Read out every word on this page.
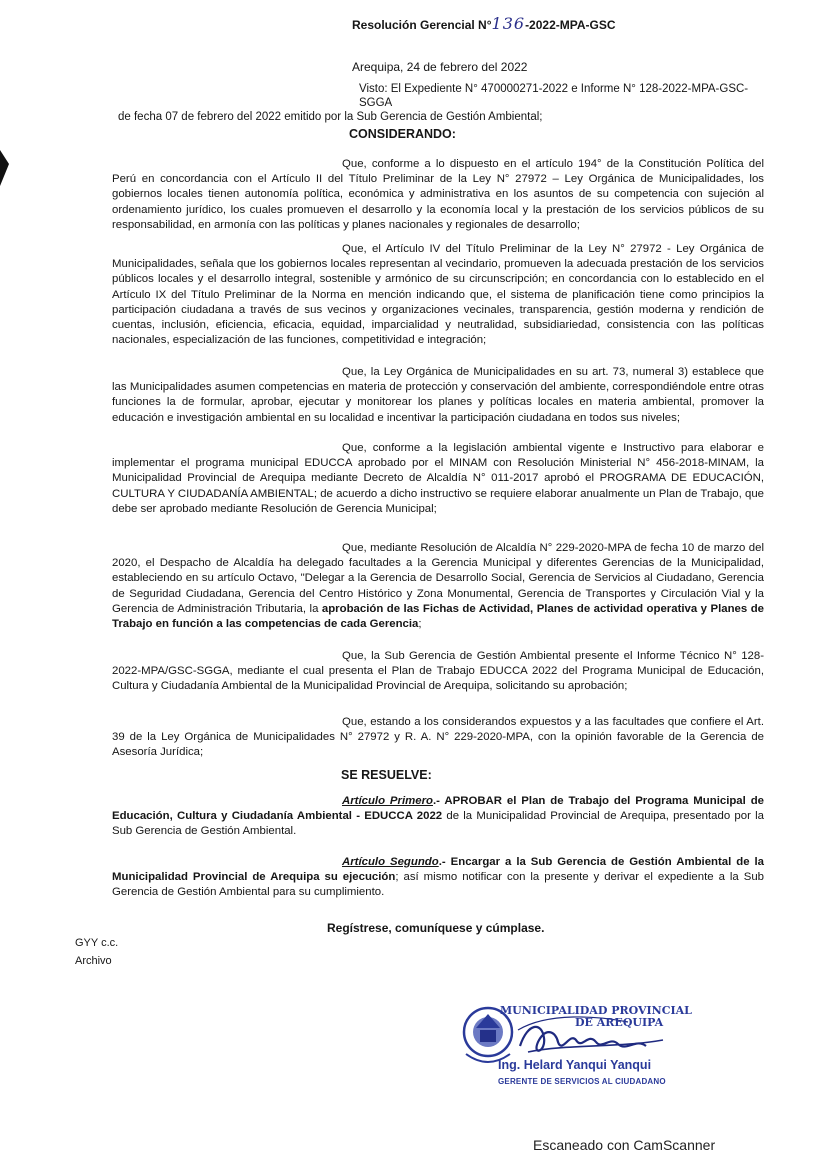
Resolución Gerencial N°136-2022-MPA-GSC

Arequipa, 24 de febrero del 2022

Visto: El Expediente N° 470000271-2022 e Informe N° 128-2022-MPA-GSC-SGGA
de fecha 07 de febrero del 2022 emitido por la Sub Gerencia de Gestión Ambiental;

CONSIDERANDO:

Que, conforme a lo dispuesto en el artículo 194° de la Constitución Política del Perú en concordancia con el Artículo II del Título Preliminar de la Ley N° 27972 – Ley Orgánica de Municipalidades, los gobiernos locales tienen autonomía política, económica y administrativa en los asuntos de su competencia con sujeción al ordenamiento jurídico, los cuales promueven el desarrollo y la economía local y la prestación de los servicios públicos de su responsabilidad, en armonía con las políticas y planes nacionales y regionales de desarrollo;

Que, el Artículo IV del Título Preliminar de la Ley N° 27972 - Ley Orgánica de Municipalidades, señala que los gobiernos locales representan al vecindario, promueven la adecuada prestación de los servicios públicos locales y el desarrollo integral, sostenible y armónico de su circunscripción; en concordancia con lo establecido en el Artículo IX del Título Preliminar de la Norma en mención indicando que, el sistema de planificación tiene como principios la participación ciudadana a través de sus vecinos y organizaciones vecinales, transparencia, gestión moderna y rendición de cuentas, inclusión, eficiencia, eficacia, equidad, imparcialidad y neutralidad, subsidiariedad, consistencia con las políticas nacionales, especialización de las funciones, competitividad e integración;

Que, la Ley Orgánica de Municipalidades en su art. 73, numeral 3) establece que las Municipalidades asumen competencias en materia de protección y conservación del ambiente, correspondiéndole entre otras funciones la de formular, aprobar, ejecutar y monitorear los planes y políticas locales en materia ambiental, promover la educación e investigación ambiental en su localidad e incentivar la participación ciudadana en todos sus niveles;

Que, conforme a la legislación ambiental vigente e Instructivo para elaborar e implementar el programa municipal EDUCCA aprobado por el MINAM con Resolución Ministerial N° 456-2018-MINAM, la Municipalidad Provincial de Arequipa mediante Decreto de Alcaldía N° 011-2017 aprobó el PROGRAMA DE EDUCACIÓN, CULTURA Y CIUDADANÍA AMBIENTAL; de acuerdo a dicho instructivo se requiere elaborar anualmente un Plan de Trabajo, que debe ser aprobado mediante Resolución de Gerencia Municipal;

Que, mediante Resolución de Alcaldía N° 229-2020-MPA de fecha 10 de marzo del 2020, el Despacho de Alcaldía ha delegado facultades a la Gerencia Municipal y diferentes Gerencias de la Municipalidad, estableciendo en su artículo Octavo, "Delegar a la Gerencia de Desarrollo Social, Gerencia de Servicios al Ciudadano, Gerencia de Seguridad Ciudadana, Gerencia del Centro Histórico y Zona Monumental, Gerencia de Transportes y Circulación Vial y la Gerencia de Administración Tributaria, la aprobación de las Fichas de Actividad, Planes de actividad operativa y Planes de Trabajo en función a las competencias de cada Gerencia;

Que, la Sub Gerencia de Gestión Ambiental presente el Informe Técnico N° 128-2022-MPA/GSC-SGGA, mediante el cual presenta el Plan de Trabajo EDUCCA 2022 del Programa Municipal de Educación, Cultura y Ciudadanía Ambiental de la Municipalidad Provincial de Arequipa, solicitando su aprobación;

Que, estando a los considerandos expuestos y a las facultades que confiere el Art. 39 de la Ley Orgánica de Municipalidades N° 27972 y R. A. N° 229-2020-MPA, con la opinión favorable de la Gerencia de Asesoría Jurídica;

SE RESUELVE:

Artículo Primero.- APROBAR el Plan de Trabajo del Programa Municipal de Educación, Cultura y Ciudadanía Ambiental - EDUCCA 2022 de la Municipalidad Provincial de Arequipa, presentado por la Sub Gerencia de Gestión Ambiental.

Artículo Segundo.- Encargar a la Sub Gerencia de Gestión Ambiental de la Municipalidad Provincial de Arequipa su ejecución; así mismo notificar con la presente y derivar el expediente a la Sub Gerencia de Gestión Ambiental para su cumplimiento.

Regístrese, comuníquese y cúmplase.

GYY c.c.
Archivo
MUNICIPALIDAD PROVINCIAL
DE AREQUIPA
Ing. Helard Yanqui Yanqui
GERENTE DE SERVICIOS AL CIUDADANO
Escaneado con CamScanner
